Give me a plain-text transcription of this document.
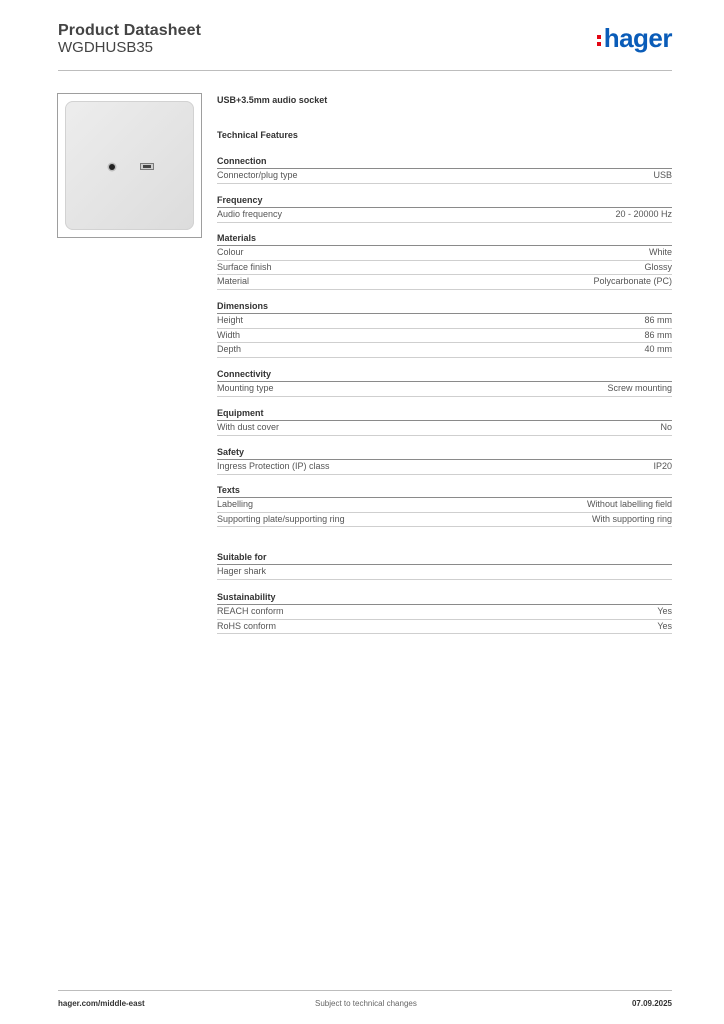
Product Datasheet
WGDHUSB35	hager
USB+3.5mm audio socket
Technical Features
Connection
Connector/plug type	USB
Frequency
Audio frequency	20 - 20000 Hz
Materials
Colour	White
Surface finish	Glossy
Material	Polycarbonate (PC)
Dimensions
Height	86 mm
Width	86 mm
Depth	40 mm
Connectivity
Mounting type	Screw mounting
Equipment
With dust cover	No
Safety
Ingress Protection (IP) class	IP20
Texts
Labelling	Without labelling field
Supporting plate/supporting ring	With supporting ring
Suitable for
Hager shark
Sustainability
REACH conform	Yes
RoHS conform	Yes
hager.com/middle-east	Subject to technical changes	07.09.2025
